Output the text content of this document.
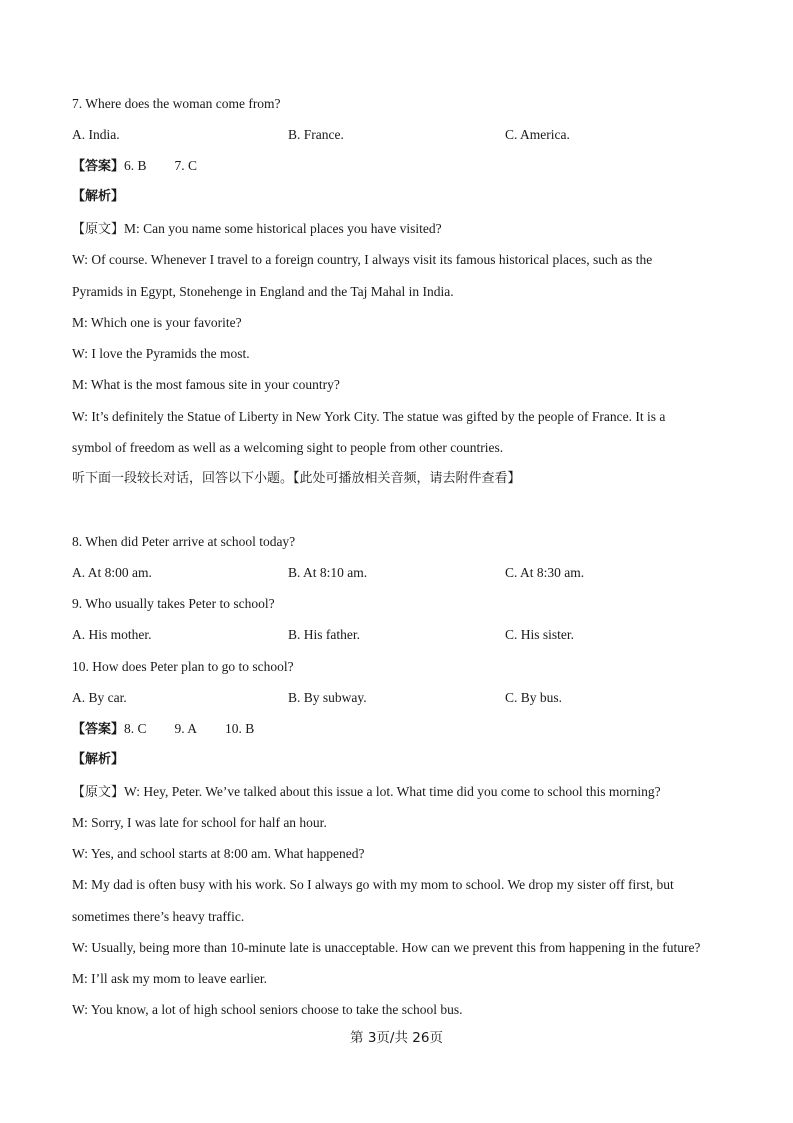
7. Where does the woman come from?
A. India.	B. France.	C. America.
【答案】6. B 7. C
【解析】
【原文】M: Can you name some historical places you have visited?
W: Of course. Whenever I travel to a foreign country, I always visit its famous historical places, such as the
Pyramids in Egypt, Stonehenge in England and the Taj Mahal in India.
M: Which one is your favorite?
W: I love the Pyramids the most.
M: What is the most famous site in your country?
W: It’s definitely the Statue of Liberty in New York City. The statue was gifted by the people of France. It is a
symbol of freedom as well as a welcoming sight to people from other countries.
听下面一段较长对话，回答以下小题。【此处可播放相关音频，请去附件查看】
8. When did Peter arrive at school today?
A. At 8:00 am.	B. At 8:10 am.	C. At 8:30 am.
9. Who usually takes Peter to school?
A. His mother.	B. His father.	C. His sister.
10. How does Peter plan to go to school?
A. By car.	B. By subway.	C. By bus.
【答案】8. C 9. A 10. B
【解析】
【原文】W: Hey, Peter. We’ve talked about this issue a lot. What time did you come to school this morning?
M: Sorry, I was late for school for half an hour.
W: Yes, and school starts at 8:00 am. What happened?
M: My dad is often busy with his work. So I always go with my mom to school. We drop my sister off first, but
sometimes there’s heavy traffic.
W: Usually, being more than 10-minute late is unacceptable. How can we prevent this from happening in the future?
M: I’ll ask my mom to leave earlier.
W: You know, a lot of high school seniors choose to take the school bus.
第 3页/共 26页
